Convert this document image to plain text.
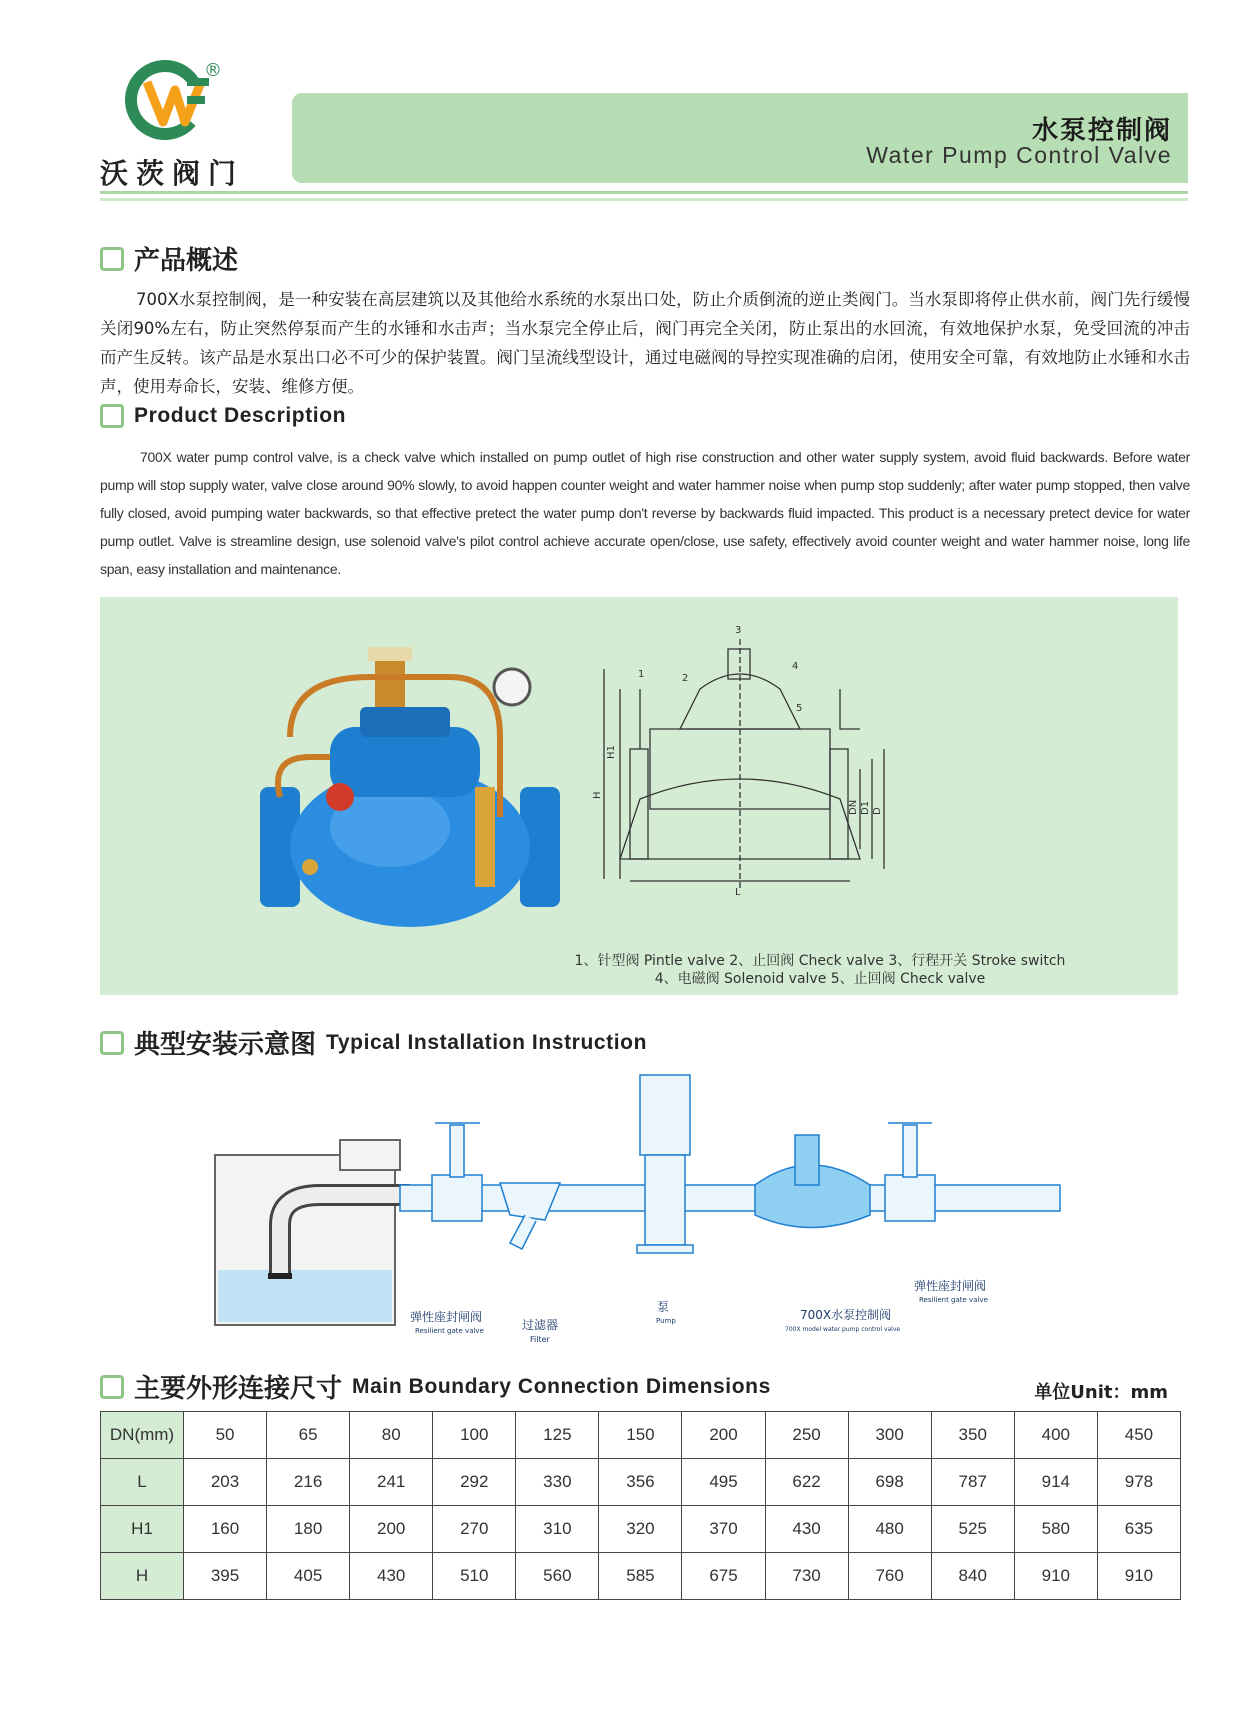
®
沃茨阀门
水泵控制阀
Water Pump Control Valve
产品概述
700X水泵控制阀，是一种安装在高层建筑以及其他给水系统的水泵出口处，防止介质倒流的逆止类阀门。当水泵即将停止供水前，阀门先行缓慢关闭90%左右，防止突然停泵而产生的水锤和水击声；当水泵完全停止后，阀门再完全关闭，防止泵出的水回流，有效地保护水泵，免受回流的冲击而产生反转。该产品是水泵出口必不可少的保护装置。阀门呈流线型设计，通过电磁阀的导控实现准确的启闭，使用安全可靠，有效地防止水锤和水击声，使用寿命长，安装、维修方便。
Product Description
700X water pump control valve, is a check valve which installed on pump outlet of high rise construction and other water supply system, avoid fluid backwards. Before water pump will stop supply water, valve close around 90% slowly, to avoid happen counter weight and water hammer noise when pump stop suddenly; after water pump stopped, then valve fully closed, avoid pumping water backwards, so that effective pretect the water pump don't reverse by backwards fluid impacted. This product is a necessary pretect device for water pump outlet. Valve is streamline design, use solenoid valve's pilot control achieve accurate open/close, use safety, effectively avoid counter weight and water hammer noise, long life span, easy installation and maintenance.
3
1	2
4
5
H1
H
DN D1 D
L
1、针型阀 Pintle valve 2、止回阀 Check valve 3、行程开关 Stroke switch
4、电磁阀 Solenoid valve 5、止回阀 Check valve
典型安装示意图 Typical Installation Instruction
弹性座封闸阀
Resilient gate valve	过滤器
Filter
泵
Pump	700X水泵控制阀
700X model water pump control valve
弹性座封闸阀
Resilient gate valve
主要外形连接尺寸 Main Boundary Connection Dimensions	单位Unit：mm
DN(mm)	50	65	80	100	125	150	200	250	300	350	400	450
L	203	216	241	292	330	356	495	622	698	787	914	978
H1	160	180	200	270	310	320	370	430	480	525	580	635
H	395	405	430	510	560	585	675	730	760	840	910	910
